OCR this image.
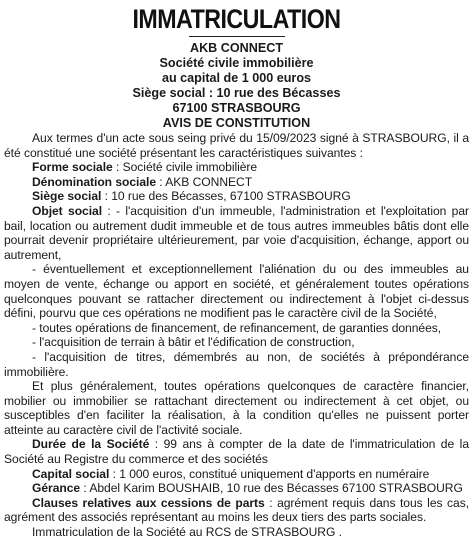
IMMATRICULATION

AKB CONNECT

Société civile immobilière

au capital de 1 000 euros

Siège social : 10 rue des Bécasses

67100 STRASBOURG

AVIS DE CONSTITUTION

Aux termes d'un acte sous seing privé du 15/09/2023 signé à STRASBOURG, il a été constitué une société présentant les caractéristiques suivantes :

Forme sociale : Société civile immobilière

Dénomination sociale : AKB CONNECT

Siège social : 10 rue des Bécasses, 67100 STRASBOURG

Objet social : - l'acquisition d'un immeuble, l'administration et l'exploitation par bail, location ou autrement dudit immeuble et de tous autres immeubles bâtis dont elle pourrait devenir propriétaire ultérieurement, par voie d'acquisition, échange, apport ou autrement,

- éventuellement et exceptionnellement l'aliénation du ou des immeubles au moyen de vente, échange ou apport en société, et généralement toutes opérations quelconques pouvant se rattacher directement ou indirectement à l'objet ci-dessus défini, pourvu que ces opérations ne modifient pas le caractère civil de la Société,

- toutes opérations de financement, de refinancement, de garanties données,

- l'acquisition de terrain à bâtir et l'édification de construction,

- l'acquisition de titres, démembrés au non, de sociétés à prépondérance immobilière.

Et plus généralement, toutes opérations quelconques de caractère financier, mobilier ou immobilier se rattachant directement ou indirectement à cet objet, ou susceptibles d'en faciliter la réalisation, à la condition qu'elles ne puissent porter atteinte au caractère civil de l'activité sociale.

Durée de la Société : 99 ans à compter de la date de l'immatriculation de la Société au Registre du commerce et des sociétés

Capital social : 1 000 euros, constitué uniquement d'apports en numéraire

Gérance : Abdel Karim BOUSHAIB, 10 rue des Bécasses 67100 STRASBOURG

Clauses relatives aux cessions de parts : agrément requis dans tous les cas, agrément des associés représentant au moins les deux tiers des parts sociales.

Immatriculation de la Société au RCS de STRASBOURG .
